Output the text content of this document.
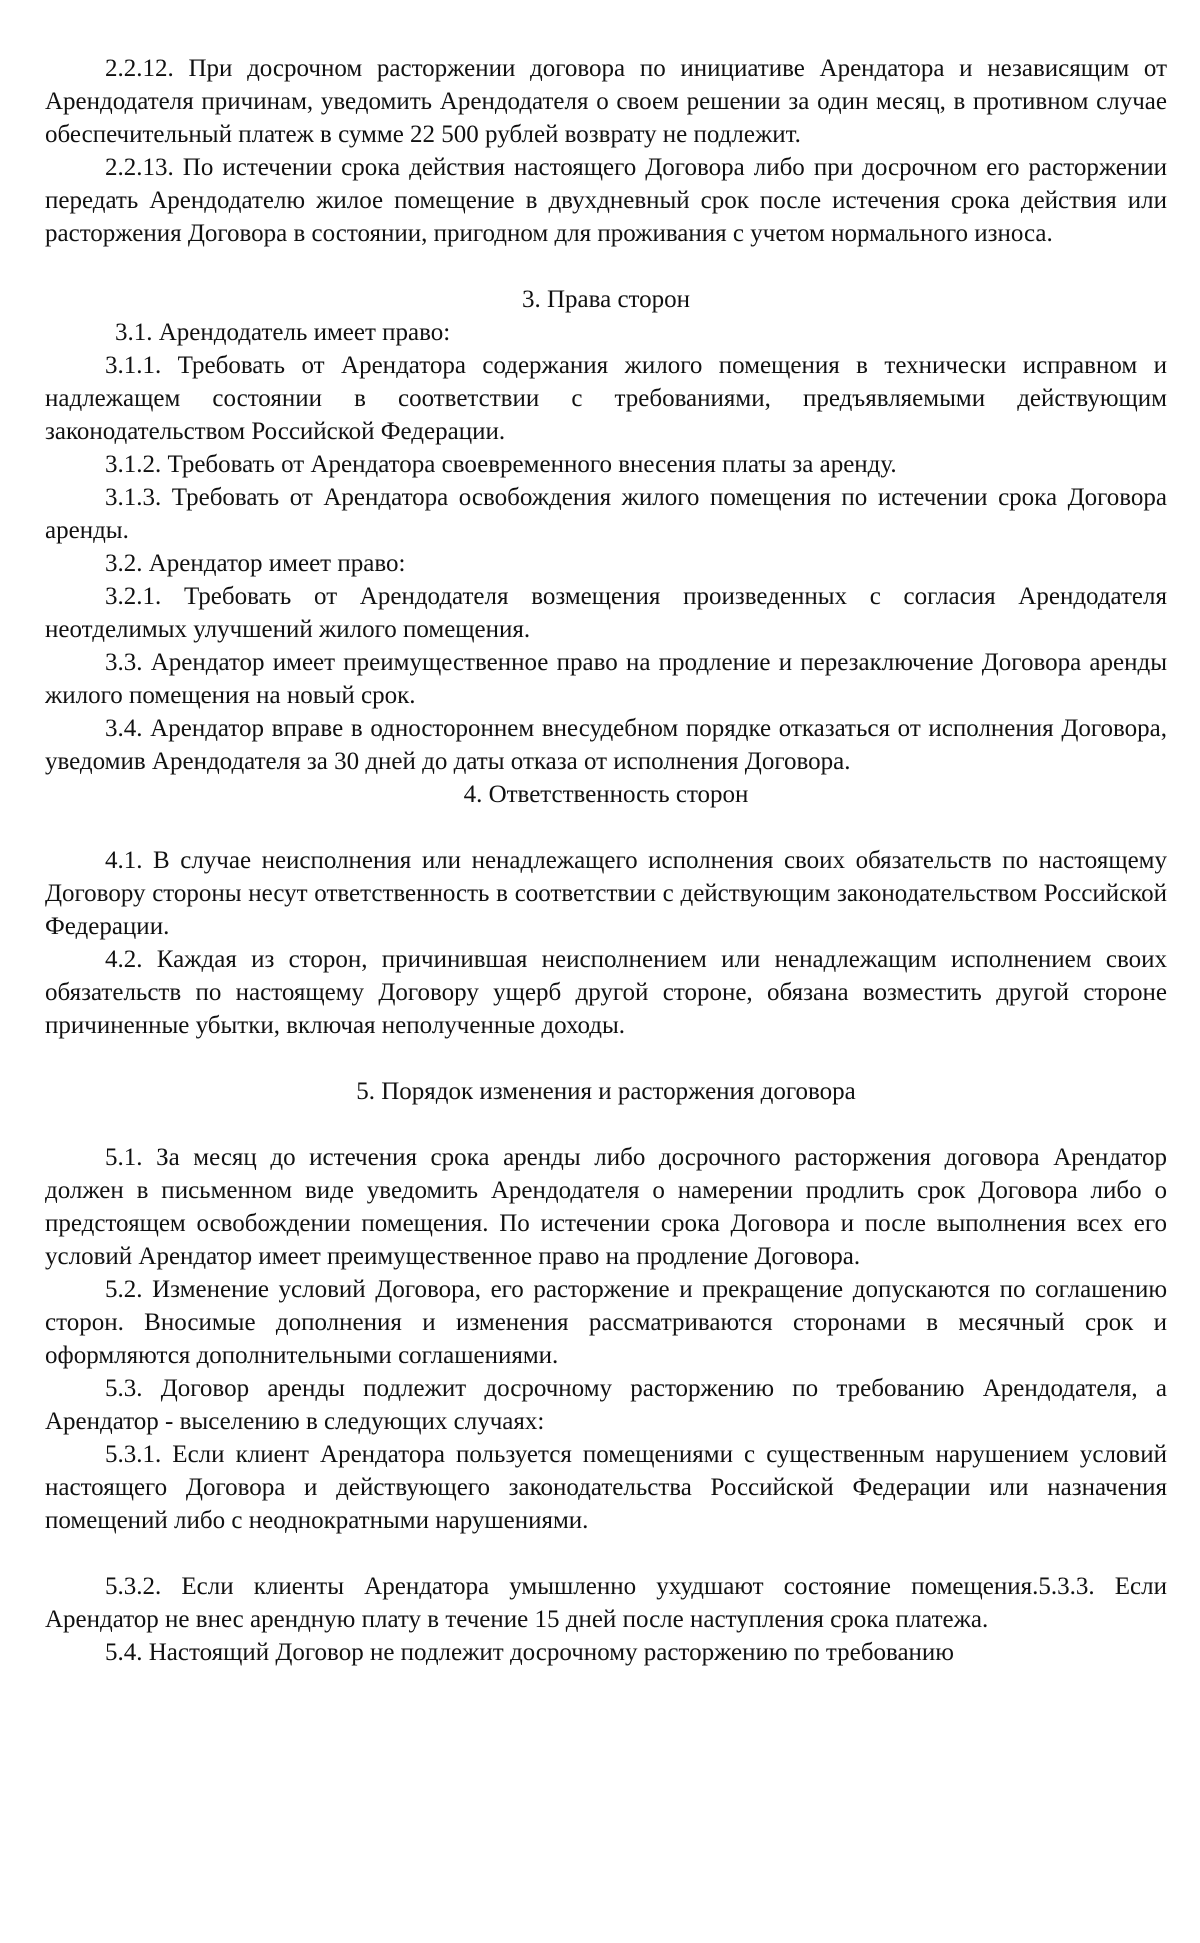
2.2.12. При досрочном расторжении договора по инициативе Арендатора и независящим от Арендодателя причинам, уведомить Арендодателя о своем решении за один месяц, в противном случае обеспечительный платеж в сумме 22 500 рублей возврату не подлежит.

2.2.13. По истечении срока действия настоящего Договора либо при досрочном его расторжении передать Арендодателю жилое помещение в двухдневный срок после истечения срока действия или расторжения Договора в состоянии, пригодном для проживания с учетом нормального износа.

3. Права сторон

3.1. Арендодатель имеет право:

3.1.1. Требовать от Арендатора содержания жилого помещения в технически исправном и надлежащем состоянии в соответствии с требованиями, предъявляемыми действующим законодательством Российской Федерации.

3.1.2. Требовать от Арендатора своевременного внесения платы за аренду.

3.1.3. Требовать от Арендатора освобождения жилого помещения по истечении срока Договора аренды.

3.2. Арендатор имеет право:

3.2.1. Требовать от Арендодателя возмещения произведенных с согласия Арендодателя неотделимых улучшений жилого помещения.

3.3. Арендатор имеет преимущественное право на продление и перезаключение Договора аренды жилого помещения на новый срок.

3.4. Арендатор вправе в одностороннем внесудебном порядке отказаться от исполнения Договора, уведомив Арендодателя за 30 дней до даты отказа от исполнения Договора.

4. Ответственность сторон

4.1. В случае неисполнения или ненадлежащего исполнения своих обязательств по настоящему Договору стороны несут ответственность в соответствии с действующим законодательством Российской Федерации.

4.2. Каждая из сторон, причинившая неисполнением или ненадлежащим исполнением своих обязательств по настоящему Договору ущерб другой стороне, обязана возместить другой стороне причиненные убытки, включая неполученные доходы.

5. Порядок изменения и расторжения договора

5.1. За месяц до истечения срока аренды либо досрочного расторжения договора Арендатор должен в письменном виде уведомить Арендодателя о намерении продлить срок Договора либо о предстоящем освобождении помещения. По истечении срока Договора и после выполнения всех его условий Арендатор имеет преимущественное право на продление Договора.

5.2. Изменение условий Договора, его расторжение и прекращение допускаются по соглашению сторон. Вносимые дополнения и изменения рассматриваются сторонами в месячный срок и оформляются дополнительными соглашениями.

5.3. Договор аренды подлежит досрочному расторжению по требованию Арендодателя, а Арендатор - выселению в следующих случаях:

5.3.1. Если клиент Арендатора пользуется помещениями с существенным нарушением условий настоящего Договора и действующего законодательства Российской Федерации или назначения помещений либо с неоднократными нарушениями.

5.3.2. Если клиенты Арендатора умышленно ухудшают состояние помещения.5.3.3. Если Арендатор не внес арендную плату в течение 15 дней после наступления срока платежа.

5.4. Настоящий Договор не подлежит досрочному расторжению по требованию
